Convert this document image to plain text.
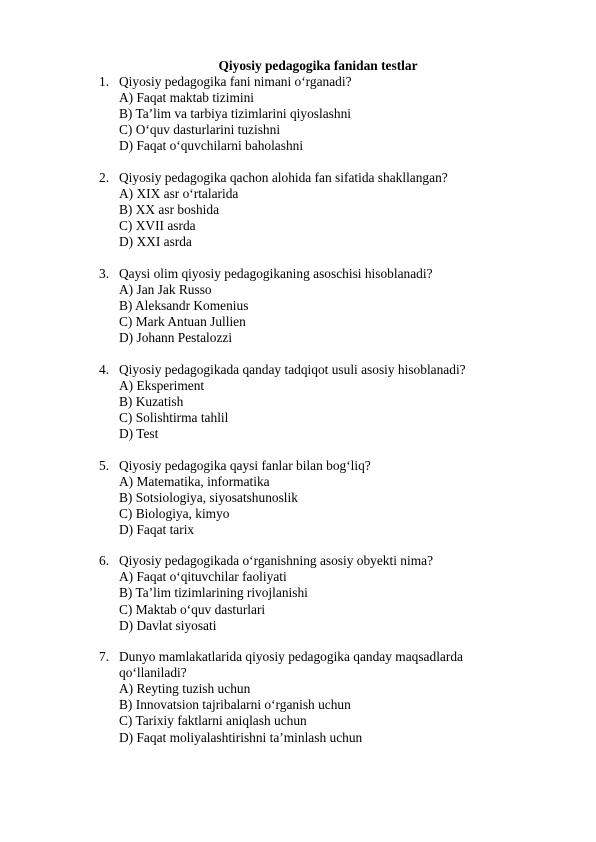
Qiyosiy pedagogika fanidan testlar
1. Qiyosiy pedagogika fani nimani o‘rganadi?
A) Faqat maktab tizimini
B) Ta’lim va tarbiya tizimlarini qiyoslashni
C) O‘quv dasturlarini tuzishni
D) Faqat o‘quvchilarni baholashni
2. Qiyosiy pedagogika qachon alohida fan sifatida shakllangan?
A) XIX asr o‘rtalarida
B) XX asr boshida
C) XVII asrda
D) XXI asrda
3. Qaysi olim qiyosiy pedagogikaning asoschisi hisoblanadi?
A) Jan Jak Russo
B) Aleksandr Komenius
C) Mark Antuan Jullien
D) Johann Pestalozzi
4. Qiyosiy pedagogikada qanday tadqiqot usuli asosiy hisoblanadi?
A) Eksperiment
B) Kuzatish
C) Solishtirma tahlil
D) Test
5. Qiyosiy pedagogika qaysi fanlar bilan bog‘liq?
A) Matematika, informatika
B) Sotsiologiya, siyosatshunoslik
C) Biologiya, kimyo
D) Faqat tarix
6. Qiyosiy pedagogikada o‘rganishning asosiy obyekti nima?
A) Faqat o‘qituvchilar faoliyati
B) Ta’lim tizimlarining rivojlanishi
C) Maktab o‘quv dasturlari
D) Davlat siyosati
7. Dunyo mamlakatlarida qiyosiy pedagogika qanday maqsadlarda
qo‘llaniladi?
A) Reyting tuzish uchun
B) Innovatsion tajribalarni o‘rganish uchun
C) Tarixiy faktlarni aniqlash uchun
D) Faqat moliyalashtirishni ta’minlash uchun
